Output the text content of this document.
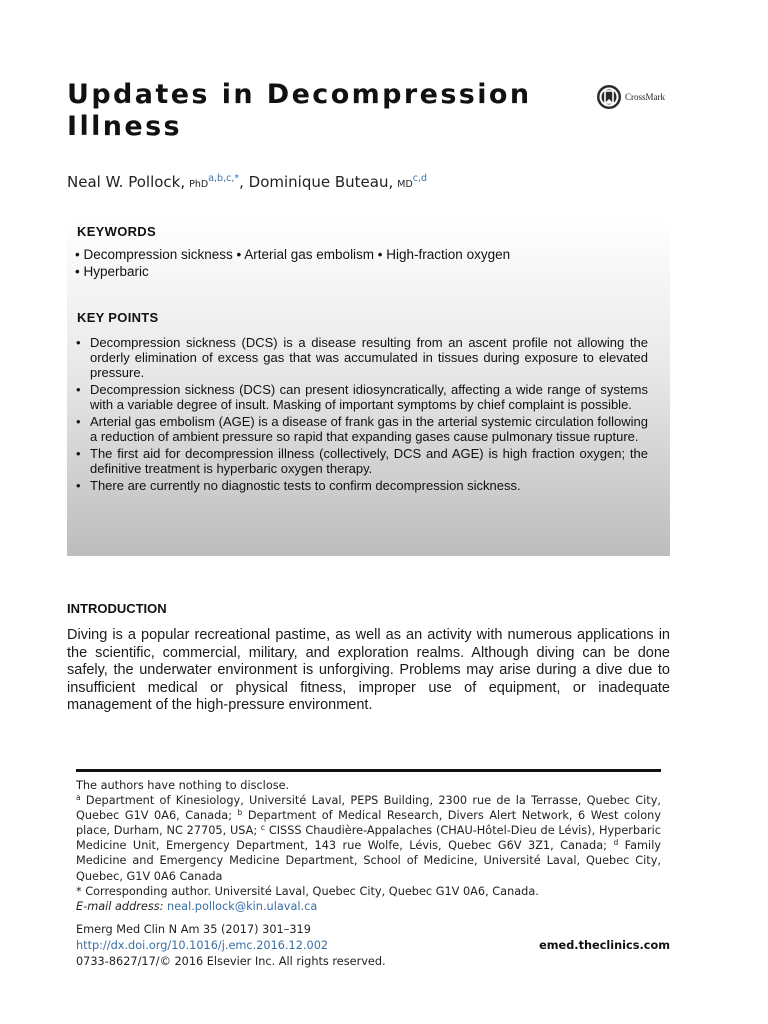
Updates in Decompression Illness
CrossMark
Neal W. Pollock, PhD$^{a,b,c,*}$, Dominique Buteau, MD$^{c,d}$
KEYWORDS
• Decompression sickness • Arterial gas embolism • High-fraction oxygen
• Hyperbaric
KEY POINTS
• Decompression sickness (DCS) is a disease resulting from an ascent profile not allowing the orderly elimination of excess gas that was accumulated in tissues during exposure to elevated pressure.
• Decompression sickness (DCS) can present idiosyncratically, affecting a wide range of systems with a variable degree of insult. Masking of important symptoms by chief complaint is possible.
• Arterial gas embolism (AGE) is a disease of frank gas in the arterial systemic circulation following a reduction of ambient pressure so rapid that expanding gases cause pulmonary tissue rupture.
• The first aid for decompression illness (collectively, DCS and AGE) is high fraction oxygen; the definitive treatment is hyperbaric oxygen therapy.
• There are currently no diagnostic tests to confirm decompression sickness.
INTRODUCTION

Diving is a popular recreational pastime, as well as an activity with numerous applications in the scientific, commercial, military, and exploration realms. Although diving can be done safely, the underwater environment is unforgiving. Problems may arise during a dive due to insufficient medical or physical fitness, improper use of equipment, or inadequate management of the high-pressure environment.

The authors have nothing to disclose.

$^a$ Department of Kinesiology, Université Laval, PEPS Building, 2300 rue de la Terrasse, Quebec City, Quebec G1V 0A6, Canada; $^b$ Department of Medical Research, Divers Alert Network, 6 West colony place, Durham, NC 27705, USA; $^c$ CISSS Chaudière-Appalaches (CHAU-Hôtel-Dieu de Lévis), Hyperbaric Medicine Unit, Emergency Department, 143 rue Wolfe, Lévis, Quebec G6V 3Z1, Canada; $^d$ Family Medicine and Emergency Medicine Department, School of Medicine, Université Laval, Quebec City, Quebec, G1V 0A6 Canada

* Corresponding author. Université Laval, Quebec City, Quebec G1V 0A6, Canada.

E-mail address: neal.pollock@kin.ulaval.ca

Emerg Med Clin N Am 35 (2017) 301–319

http://dx.doi.org/10.1016/j.emc.2016.12.002

0733-8627/17/© 2016 Elsevier Inc. All rights reserved.

emed.theclinics.com
